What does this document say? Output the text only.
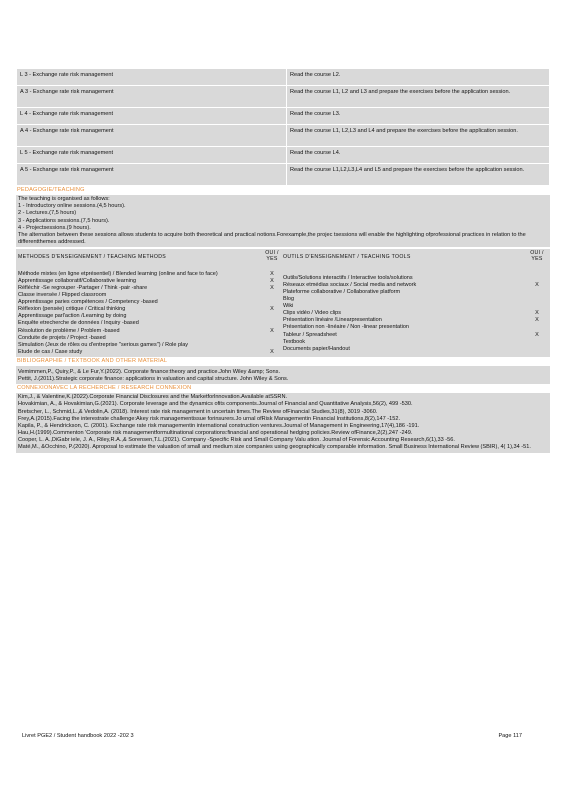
L 3 - Exchange rate risk management	Read the course L2.
A 3 - Exchange rate risk management	Read the course L1, L2 and L3 and prepare the exercises before the application session.
L 4 - Exchange rate risk management	Read the course L3.
A 4 - Exchange rate risk management	Read the course L1, L2,L3 and L4 and prepare the exercises before the application session.
L 5 - Exchange rate risk management	Read the course L4.
A 5 - Exchange rate risk management	Read the course L1,L2,L3,L4 and L5 and prepare the exercises before the application session.
PEDAGOGIE/TEACHING

The teaching is organised as follows:

1 - Introductory online sessions.(4,5 hours).

2 - Lectures.(7,5 hours)

3 - Applications sessions.(7,5 hours).

4 - Projectsessions.(9 hours).

The alternation between these sessions allows students to acquire both theoretical and practical notions.Forexample,the projec tsessions will enable the highlighting ofprofessional practices in relation to the differentthemes addressed.

METHODES D'ENSEIGNEMENT / TEACHING METHODS
OUI / YES
Méthode mixtes (en ligne etprésentiel) / Blended learning (online and face to face)	X
Apprentissage collaboratif/Collaborative learning	X
Réfléchir -Se regrouper -Partager / Think -pair -share	X
Classe inversée / Flipped classroom
Apprentissage paries compétences / Competency -based
Réflexion (pensée) critique / Critical thinking	X
Apprentissage parl'action /Learning by doing
Enquête etrecherche de données / Inquiry -based
Résolution de problème / Problem -based	X
Conduite de projets / Project -based
Simulation (Jeux de rôles ou d'entreprise "serious games") / Role play
Etude de cas / Case study	X
OUTILS D'ENSEIGNEMENT / TEACHING TOOLS
OUI / YES
Outils/Solutions interactifs / Interactive tools/solutions
Réseaux etmédias sociaux / Social media and network	X
Plateforme collaborative / Collaborative platform
Blog
Wiki
Clips vidéo / Video clips	X
Présentation linéaire /Linearpresentation	X
Présentation non -linéaire / Non -linear presentation
Tableur / Spreadsheet	X
Textbook
Documents papier/Handout
BIBLIOGRAPHIE / TEXTBOOK AND OTHER MATERIAL

Vemimmen,P., Quiry,P., & Le Fur,Y.(2022). Corporate finance:theory and practice.John Wiley &amp; Sons.

Pettit, J.(2011).Strategic corporate finance: applications in valuation and capital structure. John Wiley & Sons.

CONNEXIONAVEC LA RECHERCHE / RESEARCH CONNEXION

Kim,J., & Valentine,K.(2022).Corporate Financial Disclosures and the Marketforlnnovation.Available atSSRN.

Hovakimian, A., & Hovakimian,G.(2021). Corporate leverage and the dynamics ofits components.Journal of Financial and Quantitative Analysis,56(2), 499 -530.

Bretscher, L., Schmid,L.,& Vedolin,A. (2018). Interest rate risk management in uncertain times.The Review ofFinancial Studies,31(8), 3019 -3060.

Frey,A.(2015).Facing the interestrate challenge:Akey risk managementissue forinsurers.Jo urnal ofRisk Managementin Financial Institutions,8(2),147 -152.

Kapila, P., & Hendrickson, C. (2001). Exchange rate risk managementin international construction ventures.Journal of Management in Engineering,17(4),186 -191.

Hau,H.(1999).Commenton 'Corporate risk managementformultinational corporations:financial and operational hedging policies.Review ofFinance,2(2),247 -249.

Cooper, L. A.,DiGabr iele, J. A., Riley,R.A.,& Sorensen,T.L.(2021). Company -Specific Risk and Small Company Valu ation. Journal of Forensic Accounting Research,6(1),33 -56.

Maté,M., &Occhino, P.(2020). Aproposal to estimate the valuation of small and medium size companies using geographically comparable information. Small Business International Review (SBIR), 4( 1),34 -51.

Livret PGE2 / Student handbook 2022 -202 3	Page 117
